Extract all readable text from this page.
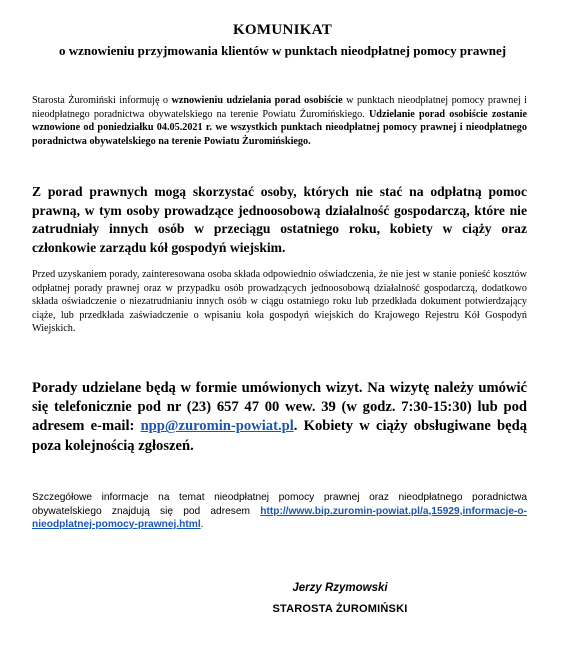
KOMUNIKAT
o wznowieniu przyjmowania klientów w punktach nieodpłatnej pomocy prawnej
Starosta Żuromiński informuję o wznowieniu udzielania porad osobiście w punktach nieodpłatnej pomocy prawnej i nieodpłatnego poradnictwa obywatelskiego na terenie Powiatu Żuromińskiego. Udzielanie porad osobiście zostanie wznowione od poniedziałku 04.05.2021 r. we wszystkich punktach nieodpłatnej pomocy prawnej i nieodpłatnego poradnictwa obywatelskiego na terenie Powiatu Żuromińskiego.
Z porad prawnych mogą skorzystać osoby, których nie stać na odpłatną pomoc prawną, w tym osoby prowadzące jednoosobową działalność gospodarczą, które nie zatrudniały innych osób w przeciągu ostatniego roku, kobiety w ciąży oraz członkowie zarządu kół gospodyń wiejskim.
Przed uzyskaniem porady, zainteresowana osoba składa odpowiednio oświadczenia, że nie jest w stanie ponieść kosztów odpłatnej porady prawnej oraz w przypadku osób prowadzących jednoosobową działalność gospodarczą, dodatkowo składa oświadczenie o niezatrudnianiu innych osób w ciągu ostatniego roku lub przedkłada dokument potwierdzający ciąże, lub przedkłada zaświadczenie o wpisaniu koła gospodyń wiejskich do Krajowego Rejestru Kół Gospodyń Wiejskich.
Porady udzielane będą w formie umówionych wizyt. Na wizytę należy umówić się telefonicznie pod nr (23) 657 47 00 wew. 39 (w godz. 7:30-15:30) lub pod adresem e-mail: npp@zuromin-powiat.pl. Kobiety w ciąży obsługiwane będą poza kolejnością zgłoszeń.
Szczegółowe informacje na temat nieodpłatnej pomocy prawnej oraz nieodpłatnego poradnictwa obywatelskiego znajdują się pod adresem http://www.bip.zuromin-powiat.pl/a,15929,informacje-o-nieodplatnej-pomocy-prawnej.html.
Jerzy Rzymowski
STAROSTA ŻUROMIŃSKI
